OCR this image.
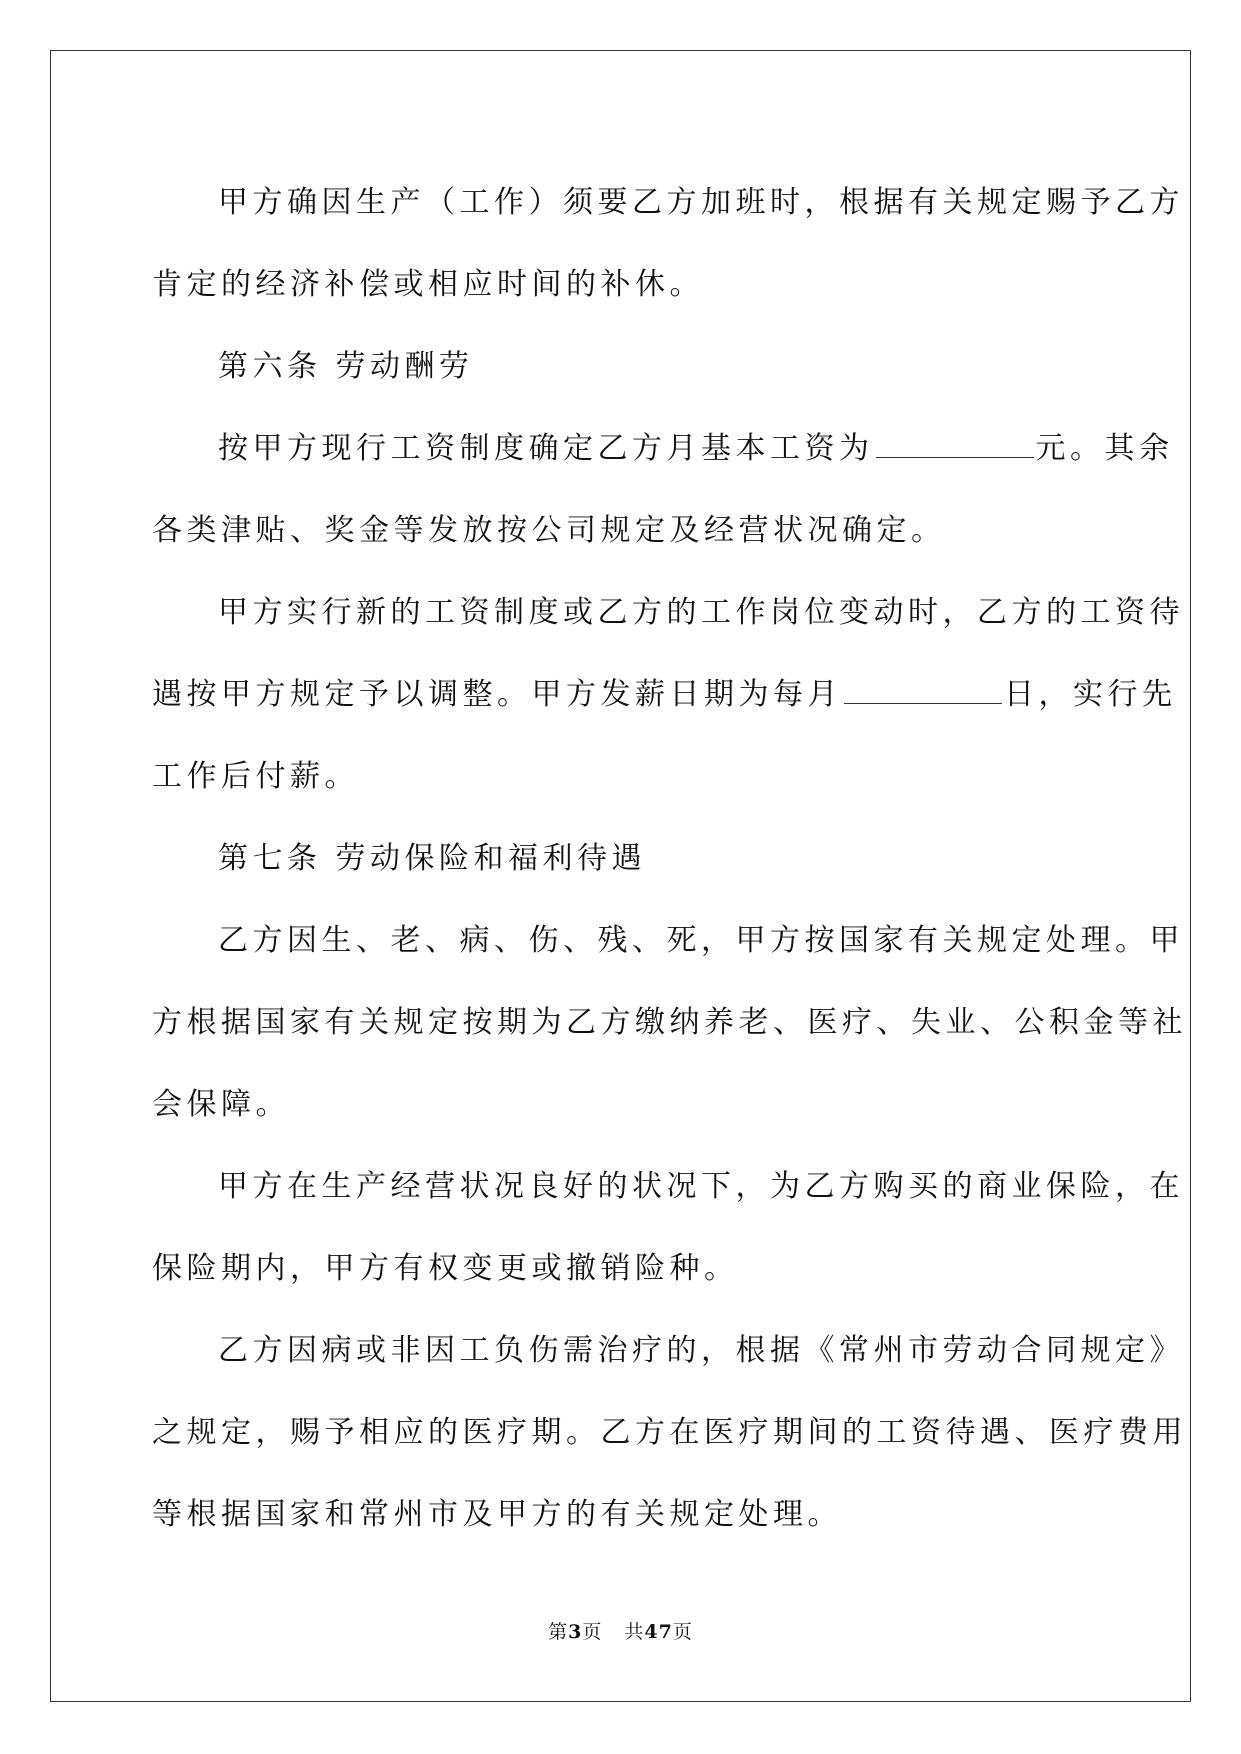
甲方确因生产（工作）须要乙方加班时，根据有关规定赐予乙方
肯定的经济补偿或相应时间的补休。

第六条 劳动酬劳

按甲方现行工资制度确定乙方月基本工资为	元。其余
各类津贴、奖金等发放按公司规定及经营状况确定。

甲方实行新的工资制度或乙方的工作岗位变动时，乙方的工资待
遇按甲方规定予以调整。甲方发薪日期为每月	日，实行先
工作后付薪。

第七条 劳动保险和福利待遇

乙方因生、老、病、伤、残、死，甲方按国家有关规定处理。甲
方根据国家有关规定按期为乙方缴纳养老、医疗、失业、公积金等社
会保障。

甲方在生产经营状况良好的状况下，为乙方购买的商业保险，在
保险期内，甲方有权变更或撤销险种。

乙方因病或非因工负伤需治疗的，根据《常州市劳动合同规定》
之规定，赐予相应的医疗期。乙方在医疗期间的工资待遇、医疗费用
等根据国家和常州市及甲方的有关规定处理。

第3页 共47页
